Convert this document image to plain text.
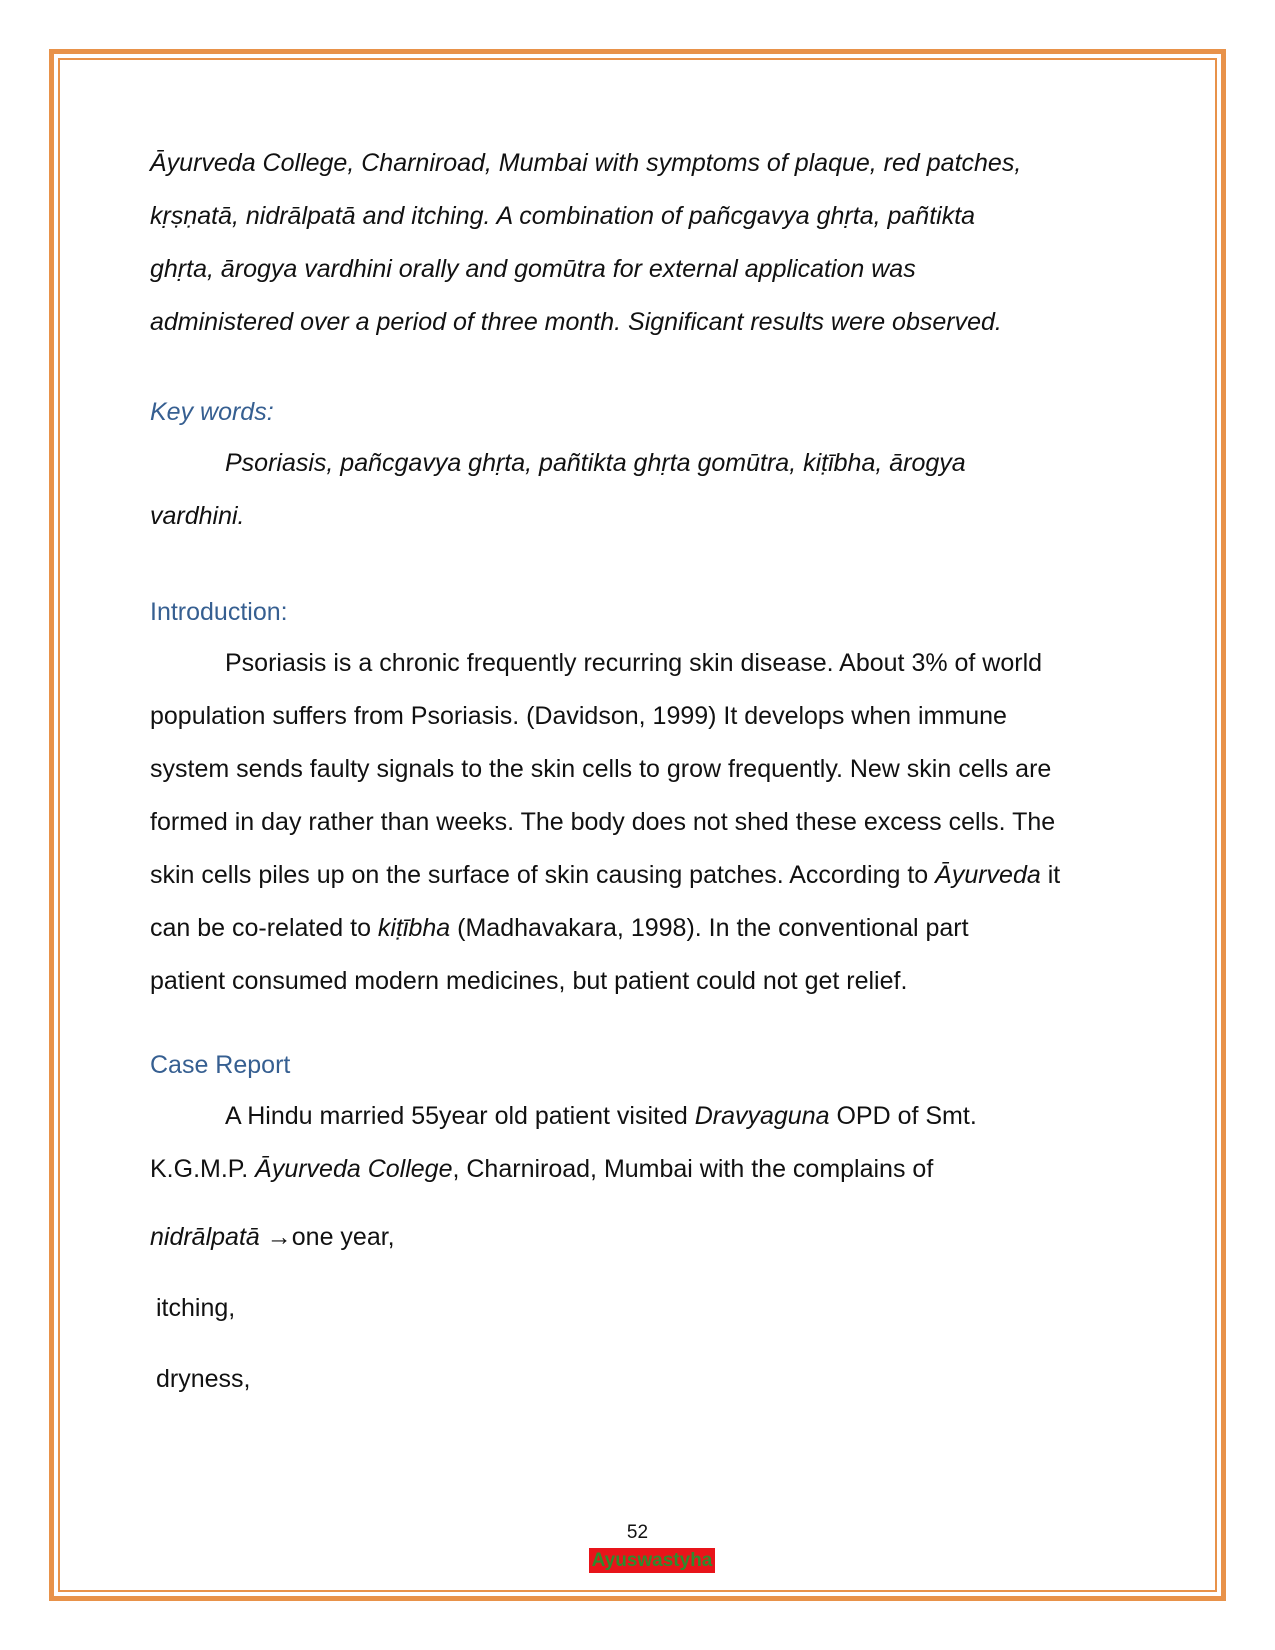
Āyurveda College, Charniroad, Mumbai with symptoms of plaque, red patches,

kṛṣṇatā, nidrālpatā and itching. A combination of pañcgavya ghṛta, pañtikta

ghṛta, ārogya vardhini orally and gomūtra for external application was

administered over a period of three month. Significant results were observed.

Key words:

Psoriasis, pañcgavya ghṛta, pañtikta ghṛta gomūtra, kiṭībha, ārogya

vardhini.

Introduction:

Psoriasis is a chronic frequently recurring skin disease. About 3% of world

population suffers from Psoriasis. (Davidson, 1999) It develops when immune

system sends faulty signals to the skin cells to grow frequently. New skin cells are

formed in day rather than weeks. The body does not shed these excess cells. The

skin cells piles up on the surface of skin causing patches. According to Āyurveda it

can be co-related to kiṭībha (Madhavakara, 1998). In the conventional part

patient consumed modern medicines, but patient could not get relief.

Case Report

A Hindu married 55year old patient visited Dravyaguna OPD of Smt.

K.G.M.P. Āyurveda College, Charniroad, Mumbai with the complains of

nidrālpatā →one year,
itching,
dryness,
52
Ayuswastyha
